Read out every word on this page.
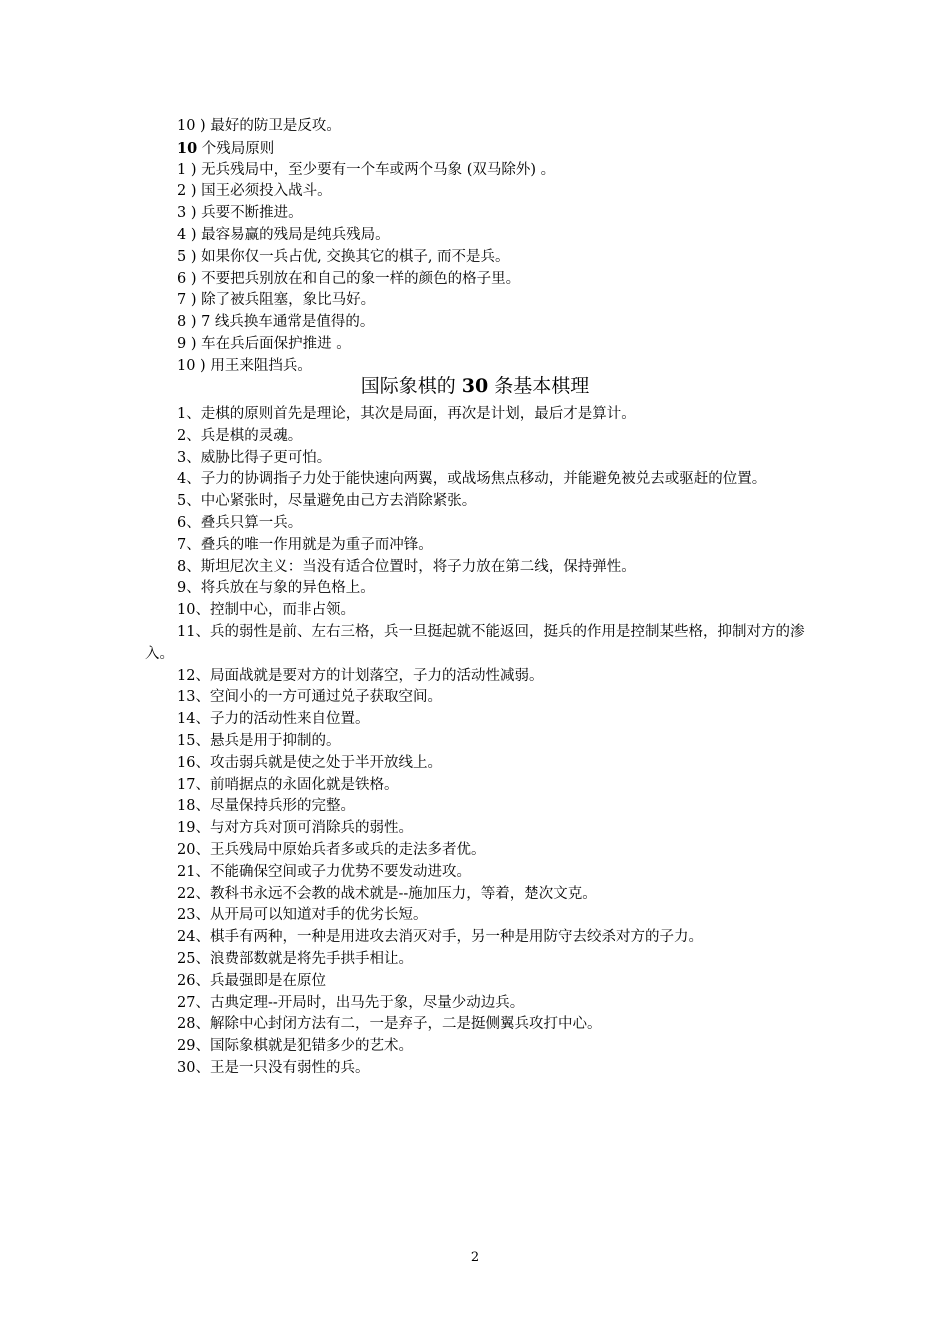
10 ) 最好的防卫是反攻。
10 个残局原则
1 ) 无兵残局中，至少要有一个车或两个马象 (双马除外) 。
2 ) 国王必须投入战斗。
3 ) 兵要不断推进。
4 ) 最容易赢的残局是纯兵残局。
5 ) 如果你仅一兵占优, 交换其它的棋子, 而不是兵。
6 ) 不要把兵别放在和自己的象一样的颜色的格子里。
7 ) 除了被兵阻塞，象比马好。
8 ) 7 线兵换车通常是值得的。
9 ) 车在兵后面保护推进 。
10 ) 用王来阻挡兵。
国际象棋的 30 条基本棋理
1、走棋的原则首先是理论，其次是局面，再次是计划，最后才是算计。
2、兵是棋的灵魂。
3、威胁比得子更可怕。
4、子力的协调指子力处于能快速向两翼，或战场焦点移动，并能避免被兑去或驱赶的位置。
5、中心紧张时，尽量避免由己方去消除紧张。
6、叠兵只算一兵。
7、叠兵的唯一作用就是为重子而冲锋。
8、斯坦尼次主义：当没有适合位置时，将子力放在第二线，保持弹性。
9、将兵放在与象的异色格上。
10、控制中心，而非占领。
11、兵的弱性是前、左右三格，兵一旦挺起就不能返回，挺兵的作用是控制某些格，抑制对方的渗入。
12、局面战就是要对方的计划落空，子力的活动性减弱。
13、空间小的一方可通过兑子获取空间。
14、子力的活动性来自位置。
15、悬兵是用于抑制的。
16、攻击弱兵就是使之处于半开放线上。
17、前哨据点的永固化就是铁格。
18、尽量保持兵形的完整。
19、与对方兵对顶可消除兵的弱性。
20、王兵残局中原始兵者多或兵的走法多者优。
21、不能确保空间或子力优势不要发动进攻。
22、教科书永远不会教的战术就是--施加压力，等着，楚次文克。
23、从开局可以知道对手的优劣长短。
24、棋手有两种，一种是用进攻去消灭对手，另一种是用防守去绞杀对方的子力。
25、浪费部数就是将先手拱手相让。
26、兵最强即是在原位
27、古典定理--开局时，出马先于象，尽量少动边兵。
28、解除中心封闭方法有二，一是弃子，二是挺侧翼兵攻打中心。
29、国际象棋就是犯错多少的艺术。
30、王是一只没有弱性的兵。
2
